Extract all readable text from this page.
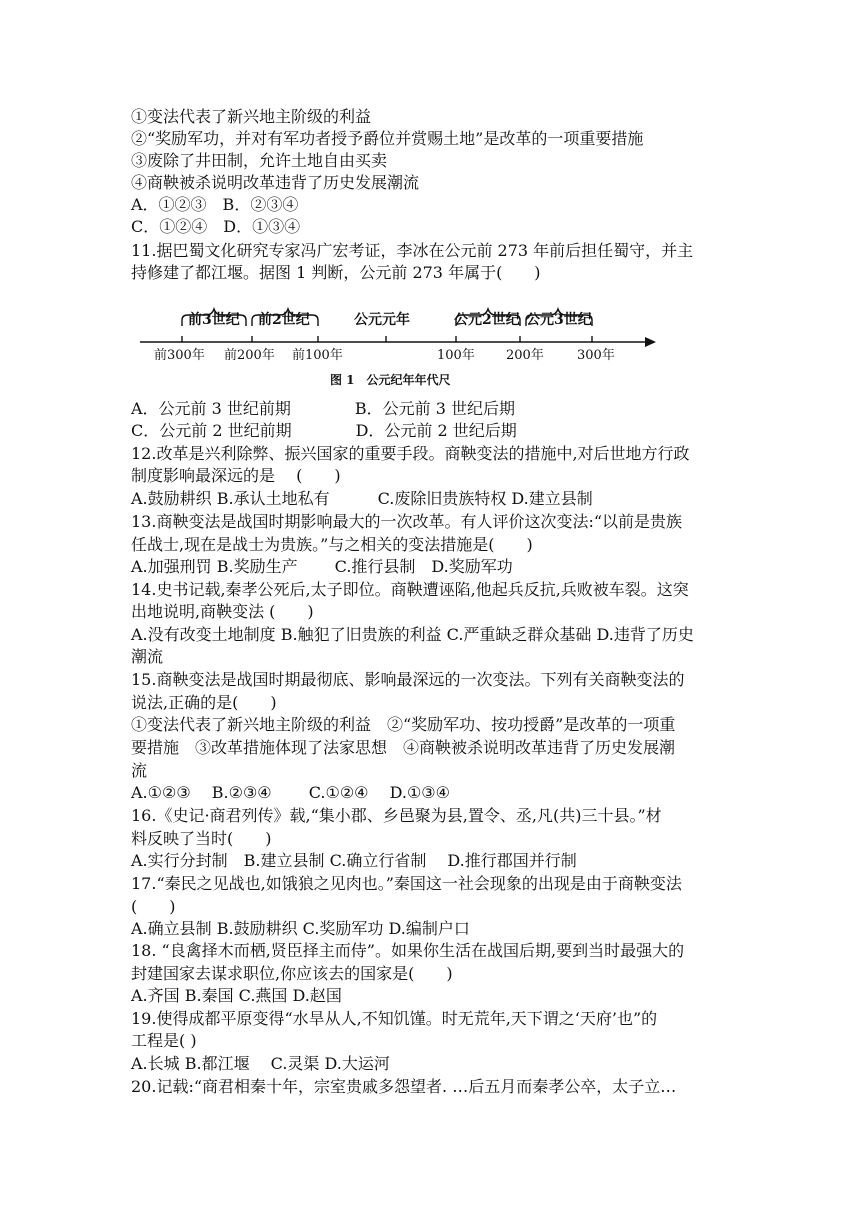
①变法代表了新兴地主阶级的利益
②“奖励军功，并对有军功者授予爵位并赏赐土地”是改革的一项重要措施
③废除了井田制，允许土地自由买卖
④商鞅被杀说明改革违背了历史发展潮流
A．①②③　B．②③④
C．①②④　D．①③④
11.据巴蜀文化研究专家冯广宏考证，李冰在公元前 273 年前后担任蜀守，并主
持修建了都江堰。据图 1 判断，公元前 273 年属于(　　)
A．公元前 3 世纪前期　　　　B．公元前 3 世纪后期
C．公元前 2 世纪前期　　　　D．公元前 2 世纪后期
12.改革是兴利除弊、振兴国家的重要手段。商鞅变法的措施中,对后世地方行政
制度影响最深远的是　 (　　)
A.鼓励耕织 B.承认土地私有　　　C.废除旧贵族特权 D.建立县制
13.商鞅变法是战国时期影响最大的一次改革。有人评价这次变法:“以前是贵族
任战士,现在是战士为贵族。”与之相关的变法措施是(　　)
A.加强刑罚 B.奖励生产　　 C.推行县制　D.奖励军功
14.史书记载,秦孝公死后,太子即位。商鞅遭诬陷,他起兵反抗,兵败被车裂。这突
出地说明,商鞅变法 (　　)
A.没有改变土地制度 B.触犯了旧贵族的利益 C.严重缺乏群众基础 D.违背了历史
潮流
15.商鞅变法是战国时期最彻底、影响最深远的一次变法。下列有关商鞅变法的
说法,正确的是(　　)
①变法代表了新兴地主阶级的利益　②“奖励军功、按功授爵”是改革的一项重
要措施　③改革措施体现了法家思想　④商鞅被杀说明改革违背了历史发展潮
流
A.①②③　 B.②③④　　 C.①②④　 D.①③④
16.《史记·商君列传》载,“集小郡、乡邑聚为县,置令、丞,凡(共)三十县。”材
料反映了当时(　　)
A.实行分封制　B.建立县制 C.确立行省制　 D.推行郡国并行制
17.“秦民之见战也,如饿狼之见肉也。”秦国这一社会现象的出现是由于商鞅变法
(　　)
A.确立县制 B.鼓励耕织 C.奖励军功 D.编制户口
18. “良禽择木而栖,贤臣择主而侍”。如果你生活在战国后期,要到当时最强大的
封建国家去谋求职位,你应该去的国家是(　　)
A.齐国 B.秦国 C.燕国 D.赵国
19.使得成都平原变得“水旱从人,不知饥馑。时无荒年,天下谓之‘天府’也”的
工程是( )
A.长城 B.都江堰　 C.灵渠 D.大运河
20.记载:“商君相秦十年，宗室贵戚多怨望者. …后五月而秦孝公卒，太子立…
前3世纪 前2世纪	公元元年	公元2世纪 公元3世纪
前300年 前200年 前100年	100年 200年	300年
图 1　公元纪年年代尺
